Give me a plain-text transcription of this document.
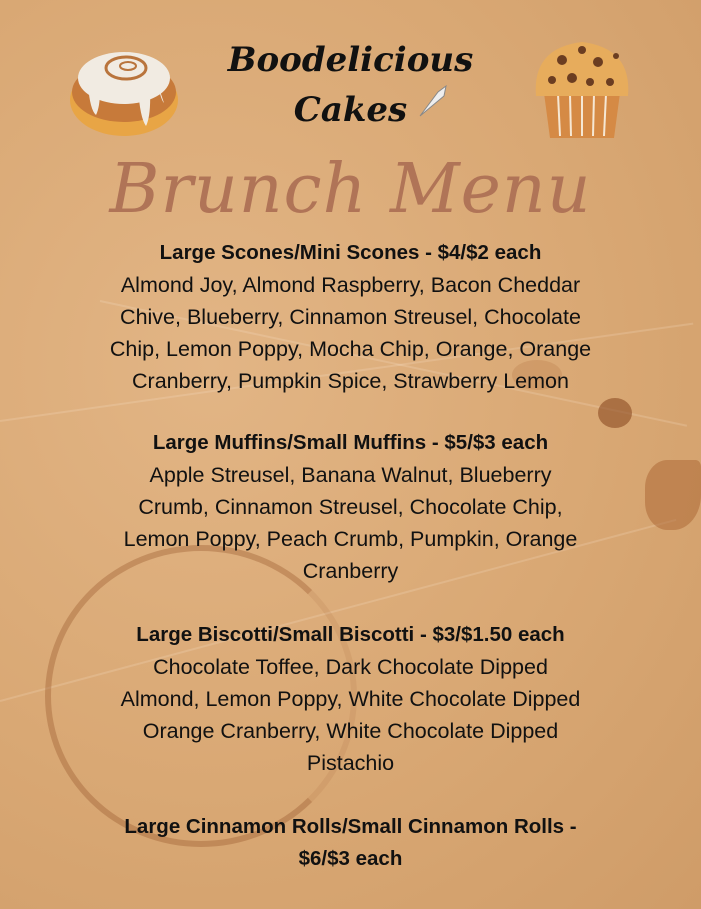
Boodelicious
Cakes
Brunch Menu
Large Scones/Mini Scones - $4/$2 each
Almond Joy, Almond Raspberry, Bacon Cheddar
Chive, Blueberry, Cinnamon Streusel, Chocolate
Chip, Lemon Poppy, Mocha Chip, Orange, Orange
Cranberry, Pumpkin Spice, Strawberry Lemon
Large Muffins/Small Muffins - $5/$3 each
Apple Streusel, Banana Walnut, Blueberry
Crumb, Cinnamon Streusel, Chocolate Chip,
Lemon Poppy, Peach Crumb, Pumpkin, Orange
Cranberry
Large Biscotti/Small Biscotti - $3/$1.50 each
Chocolate Toffee, Dark Chocolate Dipped
Almond, Lemon Poppy, White Chocolate Dipped
Orange Cranberry, White Chocolate Dipped
Pistachio
Large Cinnamon Rolls/Small Cinnamon Rolls -
$6/$3 each
